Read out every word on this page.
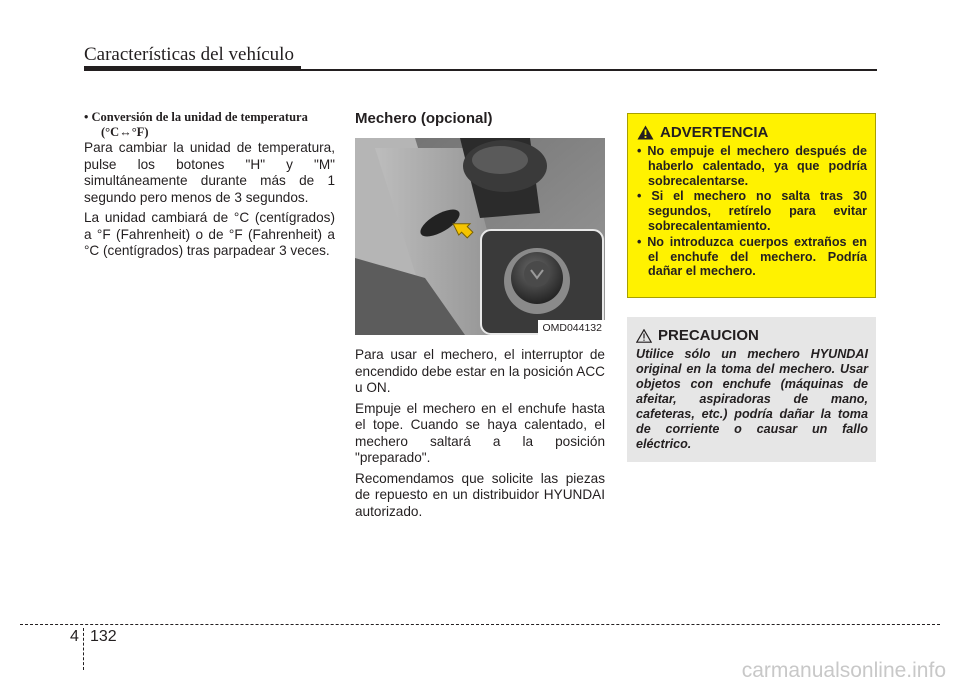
Características del vehículo
• Conversión de la unidad de temperatura
(°C↔°F)

Para cambiar la unidad de temperatura, pulse los botones "H" y "M" simultáneamente durante más de 1 segundo pero menos de 3 segundos.

La unidad cambiará de °C (centígrados) a °F (Fahrenheit) o de °F (Fahrenheit) a °C (centígrados) tras parpadear 3 veces.

Mechero (opcional)
OMD044132

Para usar el mechero, el interruptor de encendido debe estar en la posición ACC u ON.

Empuje el mechero en el enchufe hasta el tope. Cuando se haya calentado, el mechero saltará a la posición "preparado".

Recomendamos que solicite las piezas de repuesto en un distribuidor HYUNDAI autorizado.

ADVERTENCIA
• No empuje el mechero después de haberlo calentado, ya que podría sobrecalentarse.
• Si el mechero no salta tras 30 segundos, retírelo para evitar sobrecalentamiento.
• No introduzca cuerpos extraños en el enchufe del mechero. Podría dañar el mechero.
PRECAUCION
Utilice sólo un mechero HYUNDAI original en la toma del mechero. Usar objetos con enchufe (máquinas de afeitar, aspiradoras de mano, cafeteras, etc.) podría dañar la toma de corriente o causar un fallo eléctrico.
4 132
carmanualsonline.info
